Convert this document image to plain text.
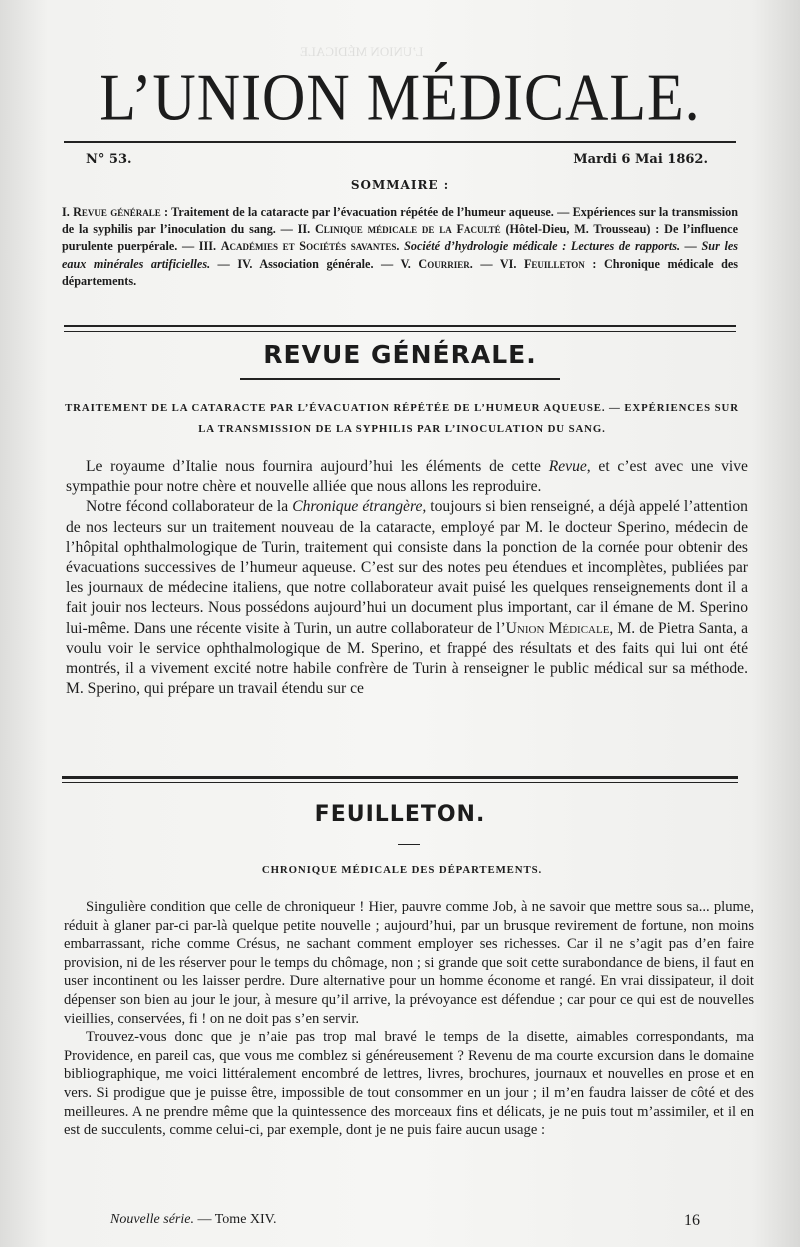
L’UNION MÉDICALE
L’UNION MÉDICALE.
N° 53.	Mardi 6 Mai 1862.
SOMMAIRE :
I. Revue générale : Traitement de la cataracte par l’évacuation répétée de l’humeur aqueuse. — Expériences sur la transmission de la syphilis par l’inoculation du sang. — II. Clinique médicale de la Faculté (Hôtel-Dieu, M. Trousseau) : De l’influence purulente puerpérale. — III. Académies et Sociétés savantes. Société d’hydrologie médicale : Lectures de rapports. — Sur les eaux minérales artificielles. — IV. Association générale. — V. Courrier. — VI. Feuilleton : Chronique médicale des départements.
REVUE GÉNÉRALE.
TRAITEMENT DE LA CATARACTE PAR L’ÉVACUATION RÉPÉTÉE DE L’HUMEUR AQUEUSE. — EXPÉRIENCES SUR LA TRANSMISSION DE LA SYPHILIS PAR L’INOCULATION DU SANG.

Le royaume d’Italie nous fournira aujourd’hui les éléments de cette Revue, et c’est avec une vive sympathie pour notre chère et nouvelle alliée que nous allons les reproduire.

Notre fécond collaborateur de la Chronique étrangère, toujours si bien renseigné, a déjà appelé l’attention de nos lecteurs sur un traitement nouveau de la cataracte, employé par M. le docteur Sperino, médecin de l’hôpital ophthalmologique de Turin, traitement qui consiste dans la ponction de la cornée pour obtenir des évacuations successives de l’humeur aqueuse. C’est sur des notes peu étendues et incomplètes, publiées par les journaux de médecine italiens, que notre collaborateur avait puisé les quelques renseignements dont il a fait jouir nos lecteurs. Nous possédons aujourd’hui un document plus important, car il émane de M. Sperino lui-même. Dans une récente visite à Turin, un autre collaborateur de l’Union Médicale, M. de Pietra Santa, a voulu voir le service ophthalmologique de M. Sperino, et frappé des résultats et des faits qui lui ont été montrés, il a vivement excité notre habile confrère de Turin à renseigner le public médical sur sa méthode. M. Sperino, qui prépare un travail étendu sur ce

FEUILLETON.
CHRONIQUE MÉDICALE DES DÉPARTEMENTS.

Singulière condition que celle de chroniqueur ! Hier, pauvre comme Job, à ne savoir que mettre sous sa... plume, réduit à glaner par-ci par-là quelque petite nouvelle ; aujourd’hui, par un brusque revirement de fortune, non moins embarrassant, riche comme Crésus, ne sachant comment employer ses richesses. Car il ne s’agit pas d’en faire provision, ni de les réserver pour le temps du chômage, non ; si grande que soit cette surabondance de biens, il faut en user incontinent ou les laisser perdre. Dure alternative pour un homme économe et rangé. En vrai dissipateur, il doit dépenser son bien au jour le jour, à mesure qu’il arrive, la prévoyance est défendue ; car pour ce qui est de nouvelles vieillies, conservées, fi ! on ne doit pas s’en servir.

Trouvez-vous donc que je n’aie pas trop mal bravé le temps de la disette, aimables correspondants, ma Providence, en pareil cas, que vous me comblez si généreusement ? Revenu de ma courte excursion dans le domaine bibliographique, me voici littéralement encombré de lettres, livres, brochures, journaux et nouvelles en prose et en vers. Si prodigue que je puisse être, impossible de tout consommer en un jour ; il m’en faudra laisser de côté et des meilleures. A ne prendre même que la quintessence des morceaux fins et délicats, je ne puis tout m’assimiler, et il en est de succulents, comme celui-ci, par exemple, dont je ne puis faire aucun usage :

Nouvelle série. — Tome XIV.	16
